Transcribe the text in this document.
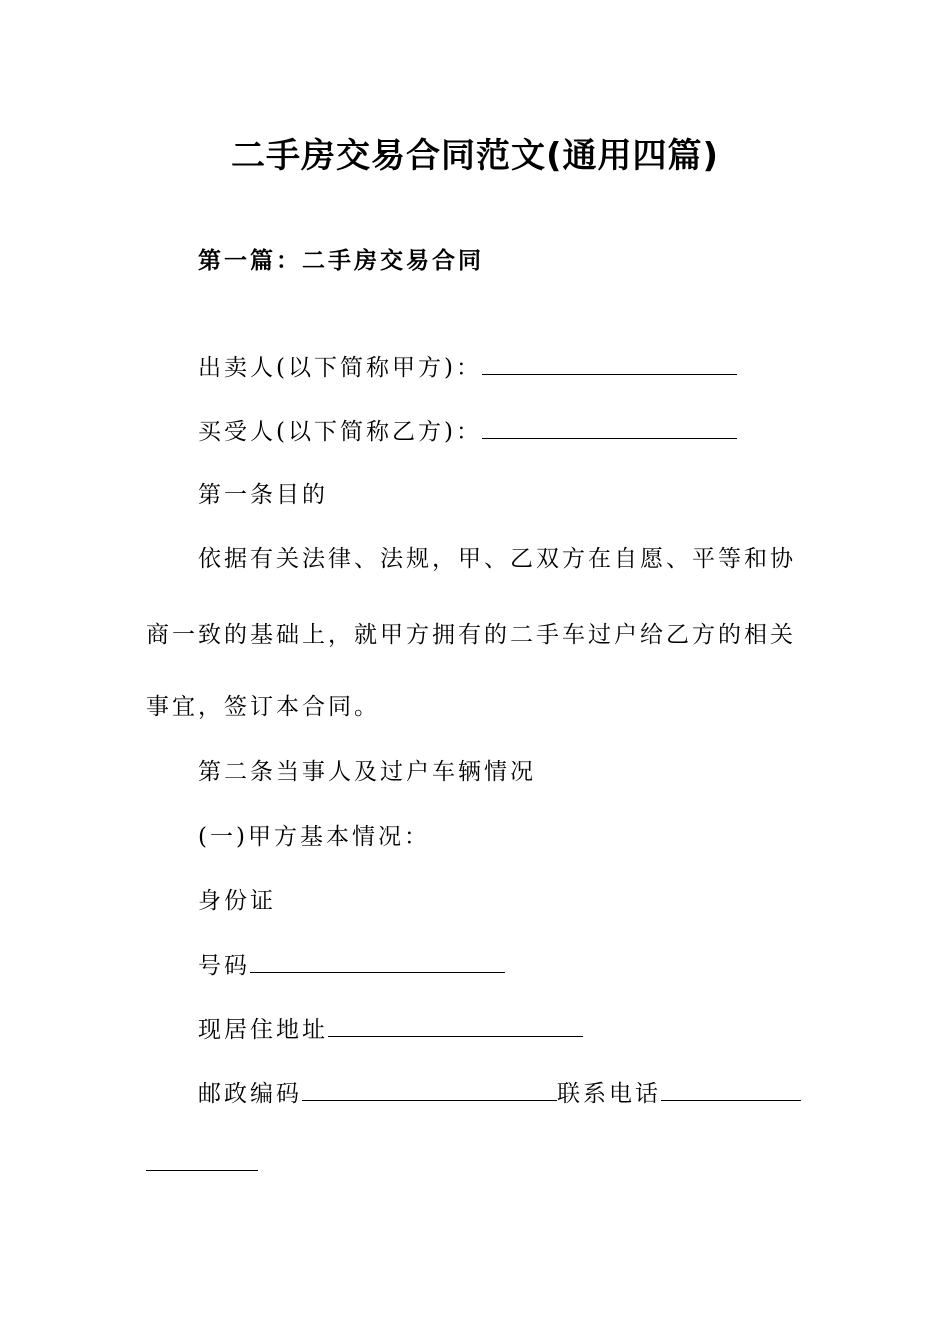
二手房交易合同范文(通用四篇)
第一篇：二手房交易合同
出卖人(以下简称甲方)：
买受人(以下简称乙方)：
第一条目的
依据有关法律、法规，甲、乙双方在自愿、平等和协
商一致的基础上，就甲方拥有的二手车过户给乙方的相关
事宜，签订本合同。
第二条当事人及过户车辆情况
(一)甲方基本情况：
身份证
号码
现居住地址
邮政编码	联系电话
